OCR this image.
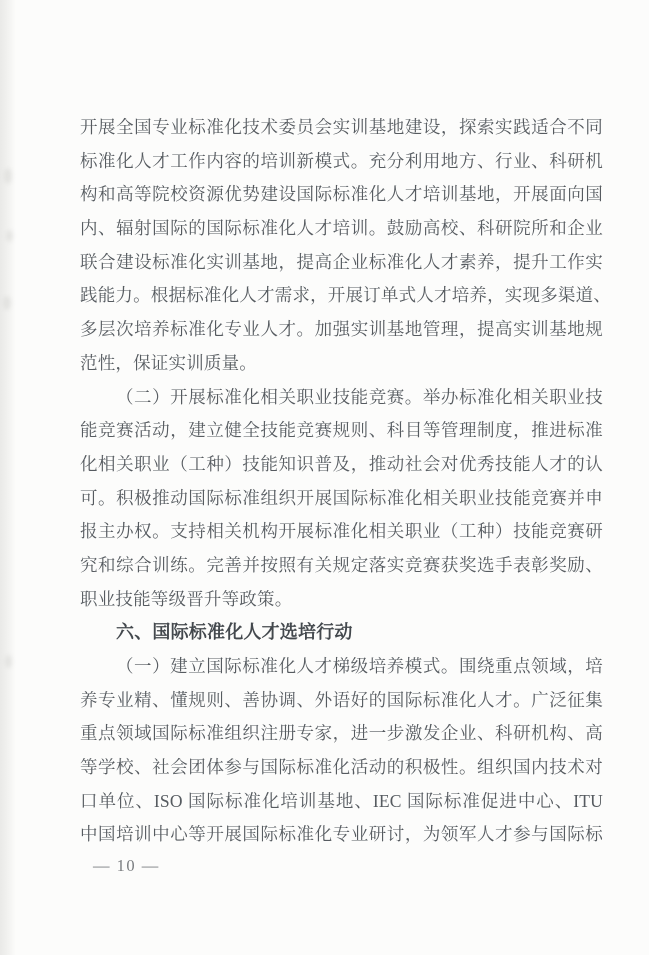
开展全国专业标准化技术委员会实训基地建设，探索实践适合不同
标准化人才工作内容的培训新模式。充分利用地方、行业、科研机
构和高等院校资源优势建设国际标准化人才培训基地，开展面向国
内、辐射国际的国际标准化人才培训。鼓励高校、科研院所和企业
联合建设标准化实训基地，提高企业标准化人才素养，提升工作实
践能力。根据标准化人才需求，开展订单式人才培养，实现多渠道、
多层次培养标准化专业人才。加强实训基地管理，提高实训基地规
范性，保证实训质量。
（二）开展标准化相关职业技能竞赛。举办标准化相关职业技
能竞赛活动，建立健全技能竞赛规则、科目等管理制度，推进标准
化相关职业（工种）技能知识普及，推动社会对优秀技能人才的认
可。积极推动国际标准组织开展国际标准化相关职业技能竞赛并申
报主办权。支持相关机构开展标准化相关职业（工种）技能竞赛研
究和综合训练。完善并按照有关规定落实竞赛获奖选手表彰奖励、
职业技能等级晋升等政策。
六、国际标准化人才选培行动
（一）建立国际标准化人才梯级培养模式。围绕重点领域，培
养专业精、懂规则、善协调、外语好的国际标准化人才。广泛征集
重点领域国际标准组织注册专家，进一步激发企业、科研机构、高
等学校、社会团体参与国际标准化活动的积极性。组织国内技术对
口单位、ISO 国际标准化培训基地、IEC 国际标准促进中心、ITU
中国培训中心等开展国际标准化专业研讨，为领军人才参与国际标
— 10 —
